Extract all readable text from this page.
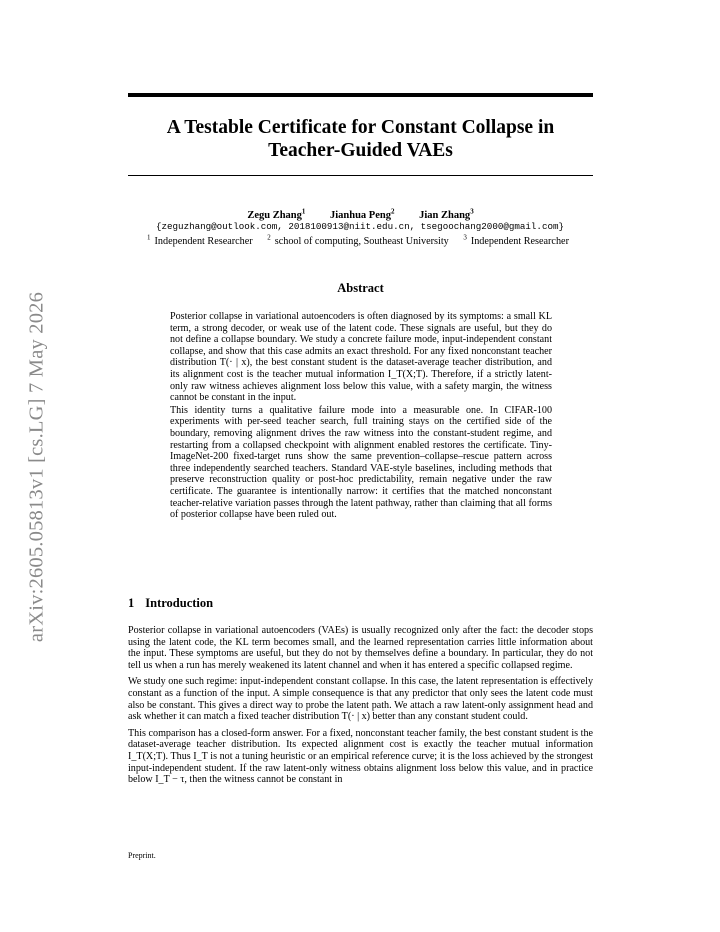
arXiv:2605.05813v1 [cs.LG] 7 May 2026
A Testable Certificate for Constant Collapse in
Teacher-Guided VAEs
Zegu Zhang$^1$ Jianhua Peng$^2$ Jian Zhang$^3$
{zeguzhang@outlook.com, 2018100913@niit.edu.cn, tsegoochang2000@gmail.com}
$^1$ Independent Researcher $^2$ school of computing, Southeast University $^3$ Independent Researcher
Abstract

Posterior collapse in variational autoencoders is often diagnosed by its symptoms: a small KL term, a strong decoder, or weak use of the latent code. These signals are useful, but they do not define a collapse boundary. We study a concrete failure mode, input-independent constant collapse, and show that this case admits an exact threshold. For any fixed nonconstant teacher distribution T(· | x), the best constant student is the dataset-average teacher distribution, and its alignment cost is the teacher mutual information I_T(X;T). Therefore, if a strictly latent-only raw witness achieves alignment loss below this value, with a safety margin, the witness cannot be constant in the input.

This identity turns a qualitative failure mode into a measurable one. In CIFAR-100 experiments with per-seed teacher search, full training stays on the certified side of the boundary, removing alignment drives the raw witness into the constant-student regime, and restarting from a collapsed checkpoint with alignment enabled restores the certificate. Tiny-ImageNet-200 fixed-target runs show the same prevention–collapse–rescue pattern across three independently searched teachers. Standard VAE-style baselines, including methods that preserve reconstruction quality or post-hoc predictability, remain negative under the raw certificate. The guarantee is intentionally narrow: it certifies that the matched nonconstant teacher-relative variation passes through the latent pathway, rather than claiming that all forms of posterior collapse have been ruled out.

1 Introduction

Posterior collapse in variational autoencoders (VAEs) is usually recognized only after the fact: the decoder stops using the latent code, the KL term becomes small, and the learned representation carries little information about the input. These symptoms are useful, but they do not by themselves define a boundary. In particular, they do not tell us when a run has merely weakened its latent channel and when it has entered a specific collapsed regime.

We study one such regime: input-independent constant collapse. In this case, the latent representation is effectively constant as a function of the input. A simple consequence is that any predictor that only sees the latent code must also be constant. This gives a direct way to probe the latent path. We attach a raw latent-only assignment head and ask whether it can match a fixed teacher distribution T(· | x) better than any constant student could.

This comparison has a closed-form answer. For a fixed, nonconstant teacher family, the best constant student is the dataset-average teacher distribution. Its expected alignment cost is exactly the teacher mutual information I_T(X;T). Thus I_T is not a tuning heuristic or an empirical reference curve; it is the loss achieved by the strongest input-independent student. If the raw latent-only witness obtains alignment loss below this value, and in practice below I_T − τ, then the witness cannot be constant in

Preprint.
